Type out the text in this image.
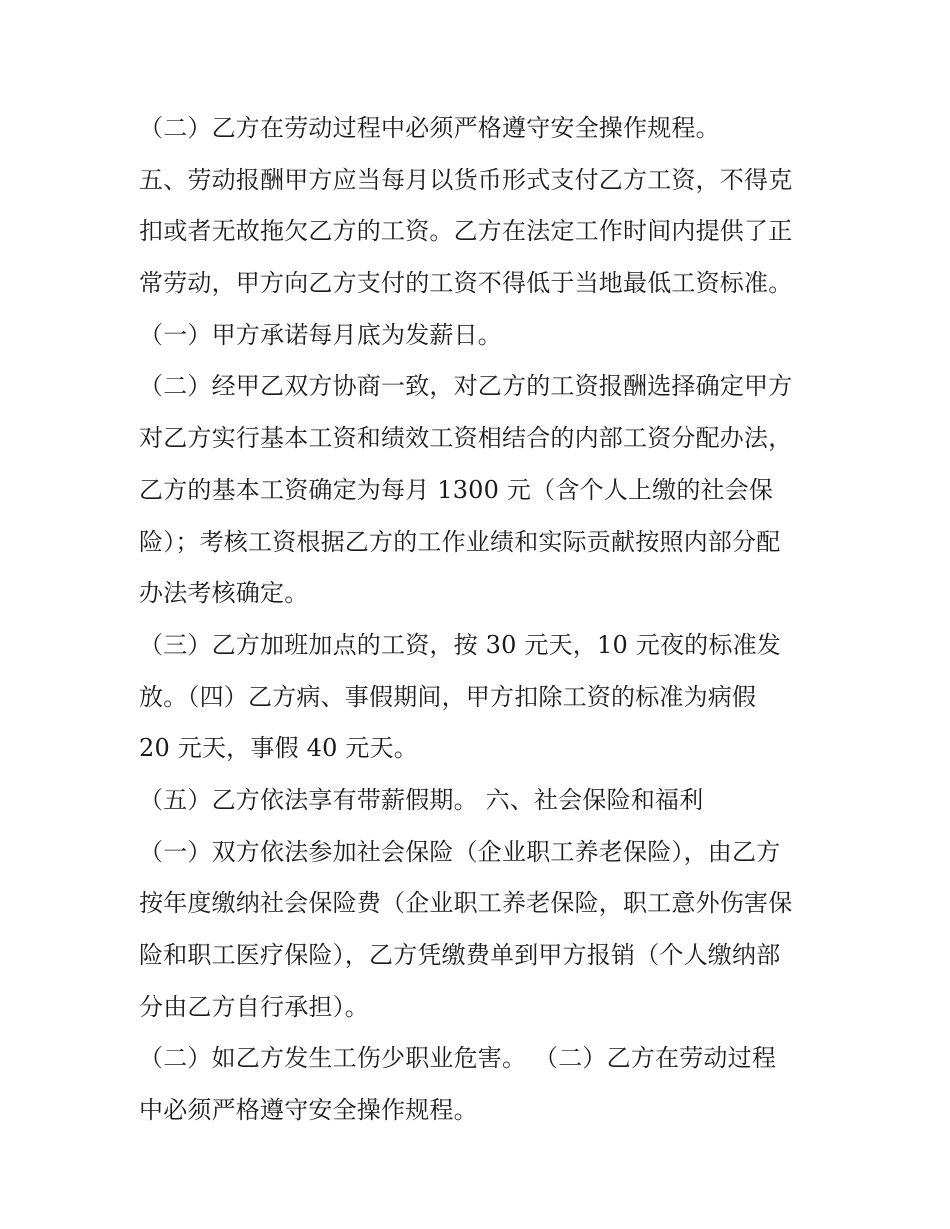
（二）乙方在劳动过程中必须严格遵守安全操作规程。
五、劳动报酬甲方应当每月以货币形式支付乙方工资，不得克
扣或者无故拖欠乙方的工资。乙方在法定工作时间内提供了正
常劳动，甲方向乙方支付的工资不得低于当地最低工资标准。
（一）甲方承诺每月底为发薪日。
（二）经甲乙双方协商一致，对乙方的工资报酬选择确定甲方
对乙方实行基本工资和绩效工资相结合的内部工资分配办法，
乙方的基本工资确定为每月 1300 元（含个人上缴的社会保
险）；考核工资根据乙方的工作业绩和实际贡献按照内部分配
办法考核确定。
（三）乙方加班加点的工资，按 30 元天，10 元夜的标准发
放。（四）乙方病、事假期间，甲方扣除工资的标准为病假
20 元天，事假 40 元天。
（五）乙方依法享有带薪假期。 六、社会保险和福利
（一）双方依法参加社会保险（企业职工养老保险），由乙方
按年度缴纳社会保险费（企业职工养老保险，职工意外伤害保
险和职工医疗保险），乙方凭缴费单到甲方报销（个人缴纳部
分由乙方自行承担）。
（二）如乙方发生工伤少职业危害。 （二）乙方在劳动过程
中必须严格遵守安全操作规程。
